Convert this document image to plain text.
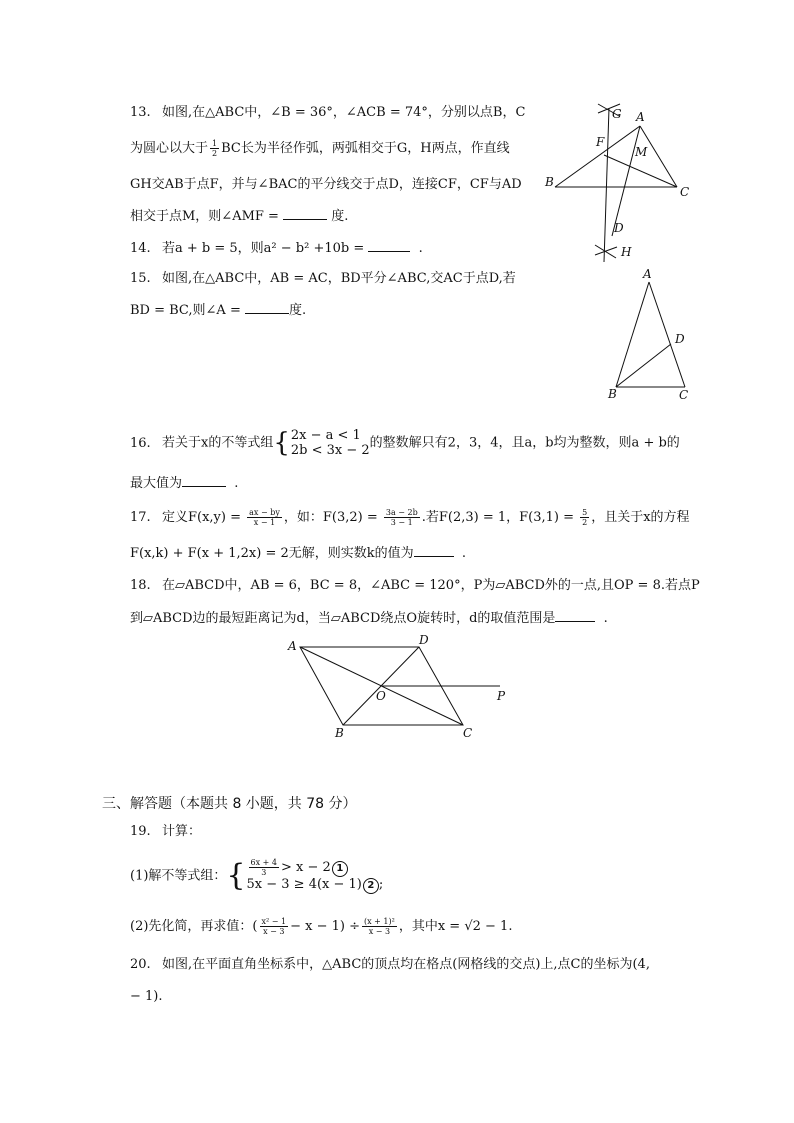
13. 如图,在△ABC中，∠B = 36°，∠ACB = 74°，分别以点B，C
为圆心以大于 $\frac{1}{2}$ BC长为半径作弧，两弧相交于G，H两点，作直线
GH交AB于点F，并与∠BAC的平分线交于点D，连接CF，CF与AD
相交于点M，则∠AMF =	度.
14. 若a + b = 5，则a² − b² +10b =	.
15. 如图,在△ABC中，AB = AC，BD平分∠ABC,交AC于点D,若
BD = BC,则∠A =	度.
16. 若关于x的不等式组{ 2x − a < 1
2b < 3x − 2 的整数解只有2，3，4，且a，b均为整数，则a + b的
最大值为	.
17. 定义$F(x,y) = \frac{ax - by}{x - 1}$ ，如：$F(3,2) = \frac{3a - 2b}{3 - 1}$ .若F(2,3) = 1，$F(3,1) = \frac{5}{2}$ ，且关于x的方程
F(x,k) + F(x + 1,2x) = 2无解，则实数k的值为	.
18. 在▱ABCD中，AB = 6，BC = 8，∠ABC = 120°，P为▱ABCD外的一点,且OP = 8.若点P
到▱ABCD边的最短距离记为d，当▱ABCD绕点O旋转时，d的取值范围是	.
三、解答题（本题共 8 小题，共 78 分）
19. 计算：
(1)解不等式组：{ $\frac{6x + 4}{3} > x - 2$ 1
5x − 3 ≥ 4(x − 1) 2 ;
(2)先化简，再求值：( $\frac{\text{x² − 1}}{x - 3} - x - 1) \div \frac{\text{(x + 1)²}}{x - 3}$ ，其中x = √2 − 1.
20. 如图,在平面直角坐标系中，△ABC的顶点均在格点(网格线的交点)上,点C的坐标为(4,
− 1).
G A
F
M
B
C
D
H
A
D
B	C
A	D
O	P
B	C
